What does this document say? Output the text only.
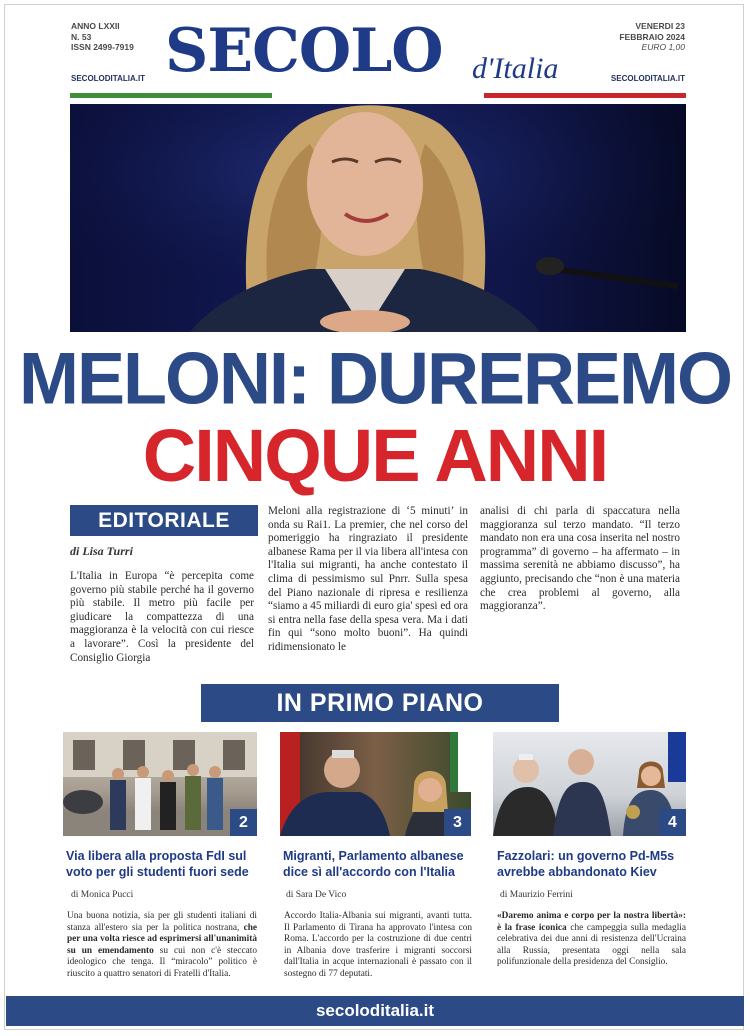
ANNO LXXII
N. 53
ISSN 2499-7919
SECOLODITALIA.IT SECOLO d'Italia
VENERDI 23
FEBBRAIO 2024
EURO 1,00
SECOLODITALIA.IT
MELONI: DUREREMO
CINQUE ANNI
EDITORIALE
di Lisa Turri
L'Italia in Europa “è percepita come governo più stabile perché ha il governo più stabile. Il metro più facile per giudicare la compattezza di una maggioranza è la velocità con cui riesce a lavorare”. Così la presidente del Consiglio Giorgia
Meloni alla registrazione di ‘5 minuti’ in onda su Rai1. La premier, che nel corso del pomeriggio ha ringraziato il presidente albanese Rama per il via libera all'intesa con l'Italia sui migranti, ha anche contestato il clima di pessimismo sul Pnrr. Sulla spesa del Piano nazionale di ripresa e resilienza “siamo a 45 miliardi di euro gia' spesi ed ora si entra nella fase della spesa vera. Ma i dati fin qui “sono molto buoni”. Ha quindi ridimensionato le
analisi di chi parla di spaccatura nella maggioranza sul terzo mandato. “Il terzo mandato non era una cosa inserita nel nostro programma” di governo – ha affermato – in massima serenità ne abbiamo discusso”, ha aggiunto, precisando che “non è una materia che crea problemi al governo, alla maggioranza”.
IN PRIMO PIANO
2	3	4
Via libera alla proposta FdI sul voto per gli studenti fuori sede
di Monica Pucci
Una buona notizia, sia per gli studenti italiani di stanza all'estero sia per la politica nostrana, che per una volta riesce ad esprimersi all'unanimità su un emendamento su cui non c'è steccato ideologico che tenga. Il “miracolo” politico è riuscito a quattro senatori di Fratelli d'Italia.
Migranti, Parlamento albanese dice sì all'accordo con l'Italia
di Sara De Vico
Accordo Italia-Albania sui migranti, avanti tutta. Il Parlamento di Tirana ha approvato l'intesa con Roma. L'accordo per la costruzione di due centri in Albania dove trasferire i migranti soccorsi dall'Italia in acque internazionali è passato con il sostegno di 77 deputati.
Fazzolari: un governo Pd-M5s avrebbe abbandonato Kiev
di Maurizio Ferrini
«Daremo anima e corpo per la nostra libertà»: è la frase iconica che campeggia sulla medaglia celebrativa dei due anni di resistenza dell'Ucraina alla Russia, presentata oggi nella sala polifunzionale della presidenza del Consiglio.
secoloditalia.it
